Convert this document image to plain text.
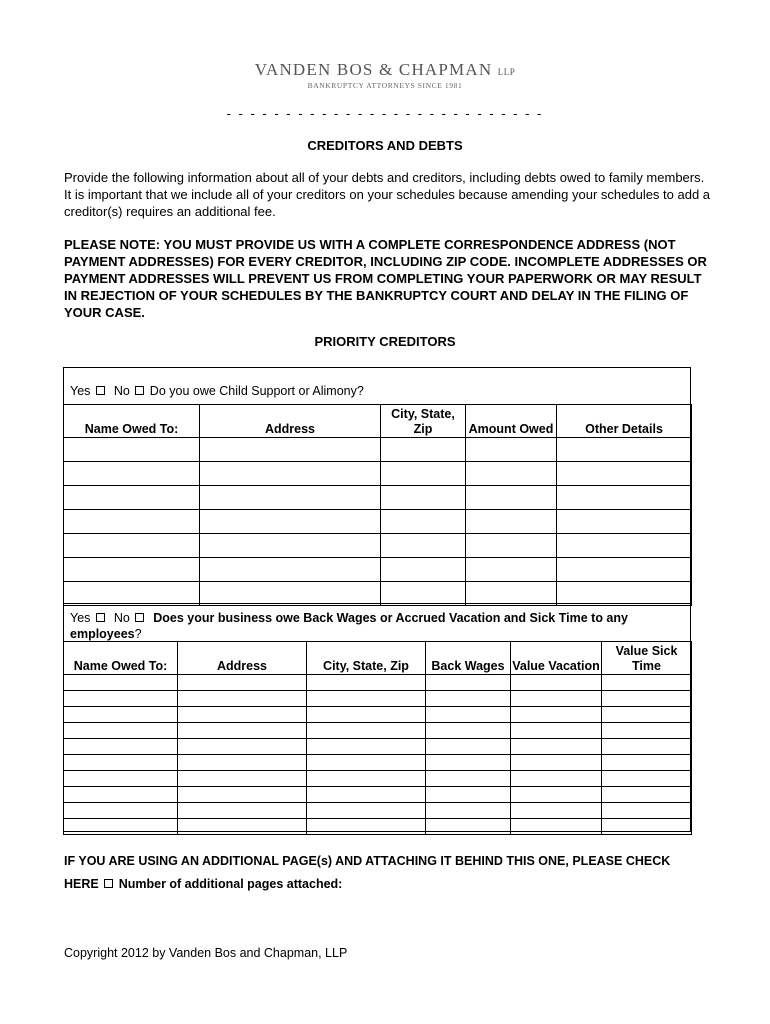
VANDEN BOS & CHAPMAN LLP
BANKRUPTCY ATTORNEYS SINCE 1981
- - - - - - - - - - - - - - - - - - - - - - - - - - -
CREDITORS AND DEBTS
Provide the following information about all of your debts and creditors, including debts owed to family members. It is important that we include all of your creditors on your schedules because amending your schedules to add a creditor(s) requires an additional fee.
PLEASE NOTE: YOU MUST PROVIDE US WITH A COMPLETE CORRESPONDENCE ADDRESS (NOT PAYMENT ADDRESSES) FOR EVERY CREDITOR, INCLUDING ZIP CODE. INCOMPLETE ADDRESSES OR PAYMENT ADDRESSES WILL PREVENT US FROM COMPLETING YOUR PAPERWORK OR MAY RESULT IN REJECTION OF YOUR SCHEDULES BY THE BANKRUPTCY COURT AND DELAY IN THE FILING OF YOUR CASE.
PRIORITY CREDITORS
Yes No Do you owe Child Support or Alimony?
Name Owed To:	Address	City, State, Zip	Amount Owed	Other Details

Yes No Does your business owe Back Wages or Accrued Vacation and Sick Time to any employees?
Name Owed To:	Address	City, State, Zip	Back Wages	Value Vacation	Value Sick Time

IF YOU ARE USING AN ADDITIONAL PAGE(s) AND ATTACHING IT BEHIND THIS ONE, PLEASE CHECK
HERE Number of additional pages attached:
Copyright 2012 by Vanden Bos and Chapman, LLP
